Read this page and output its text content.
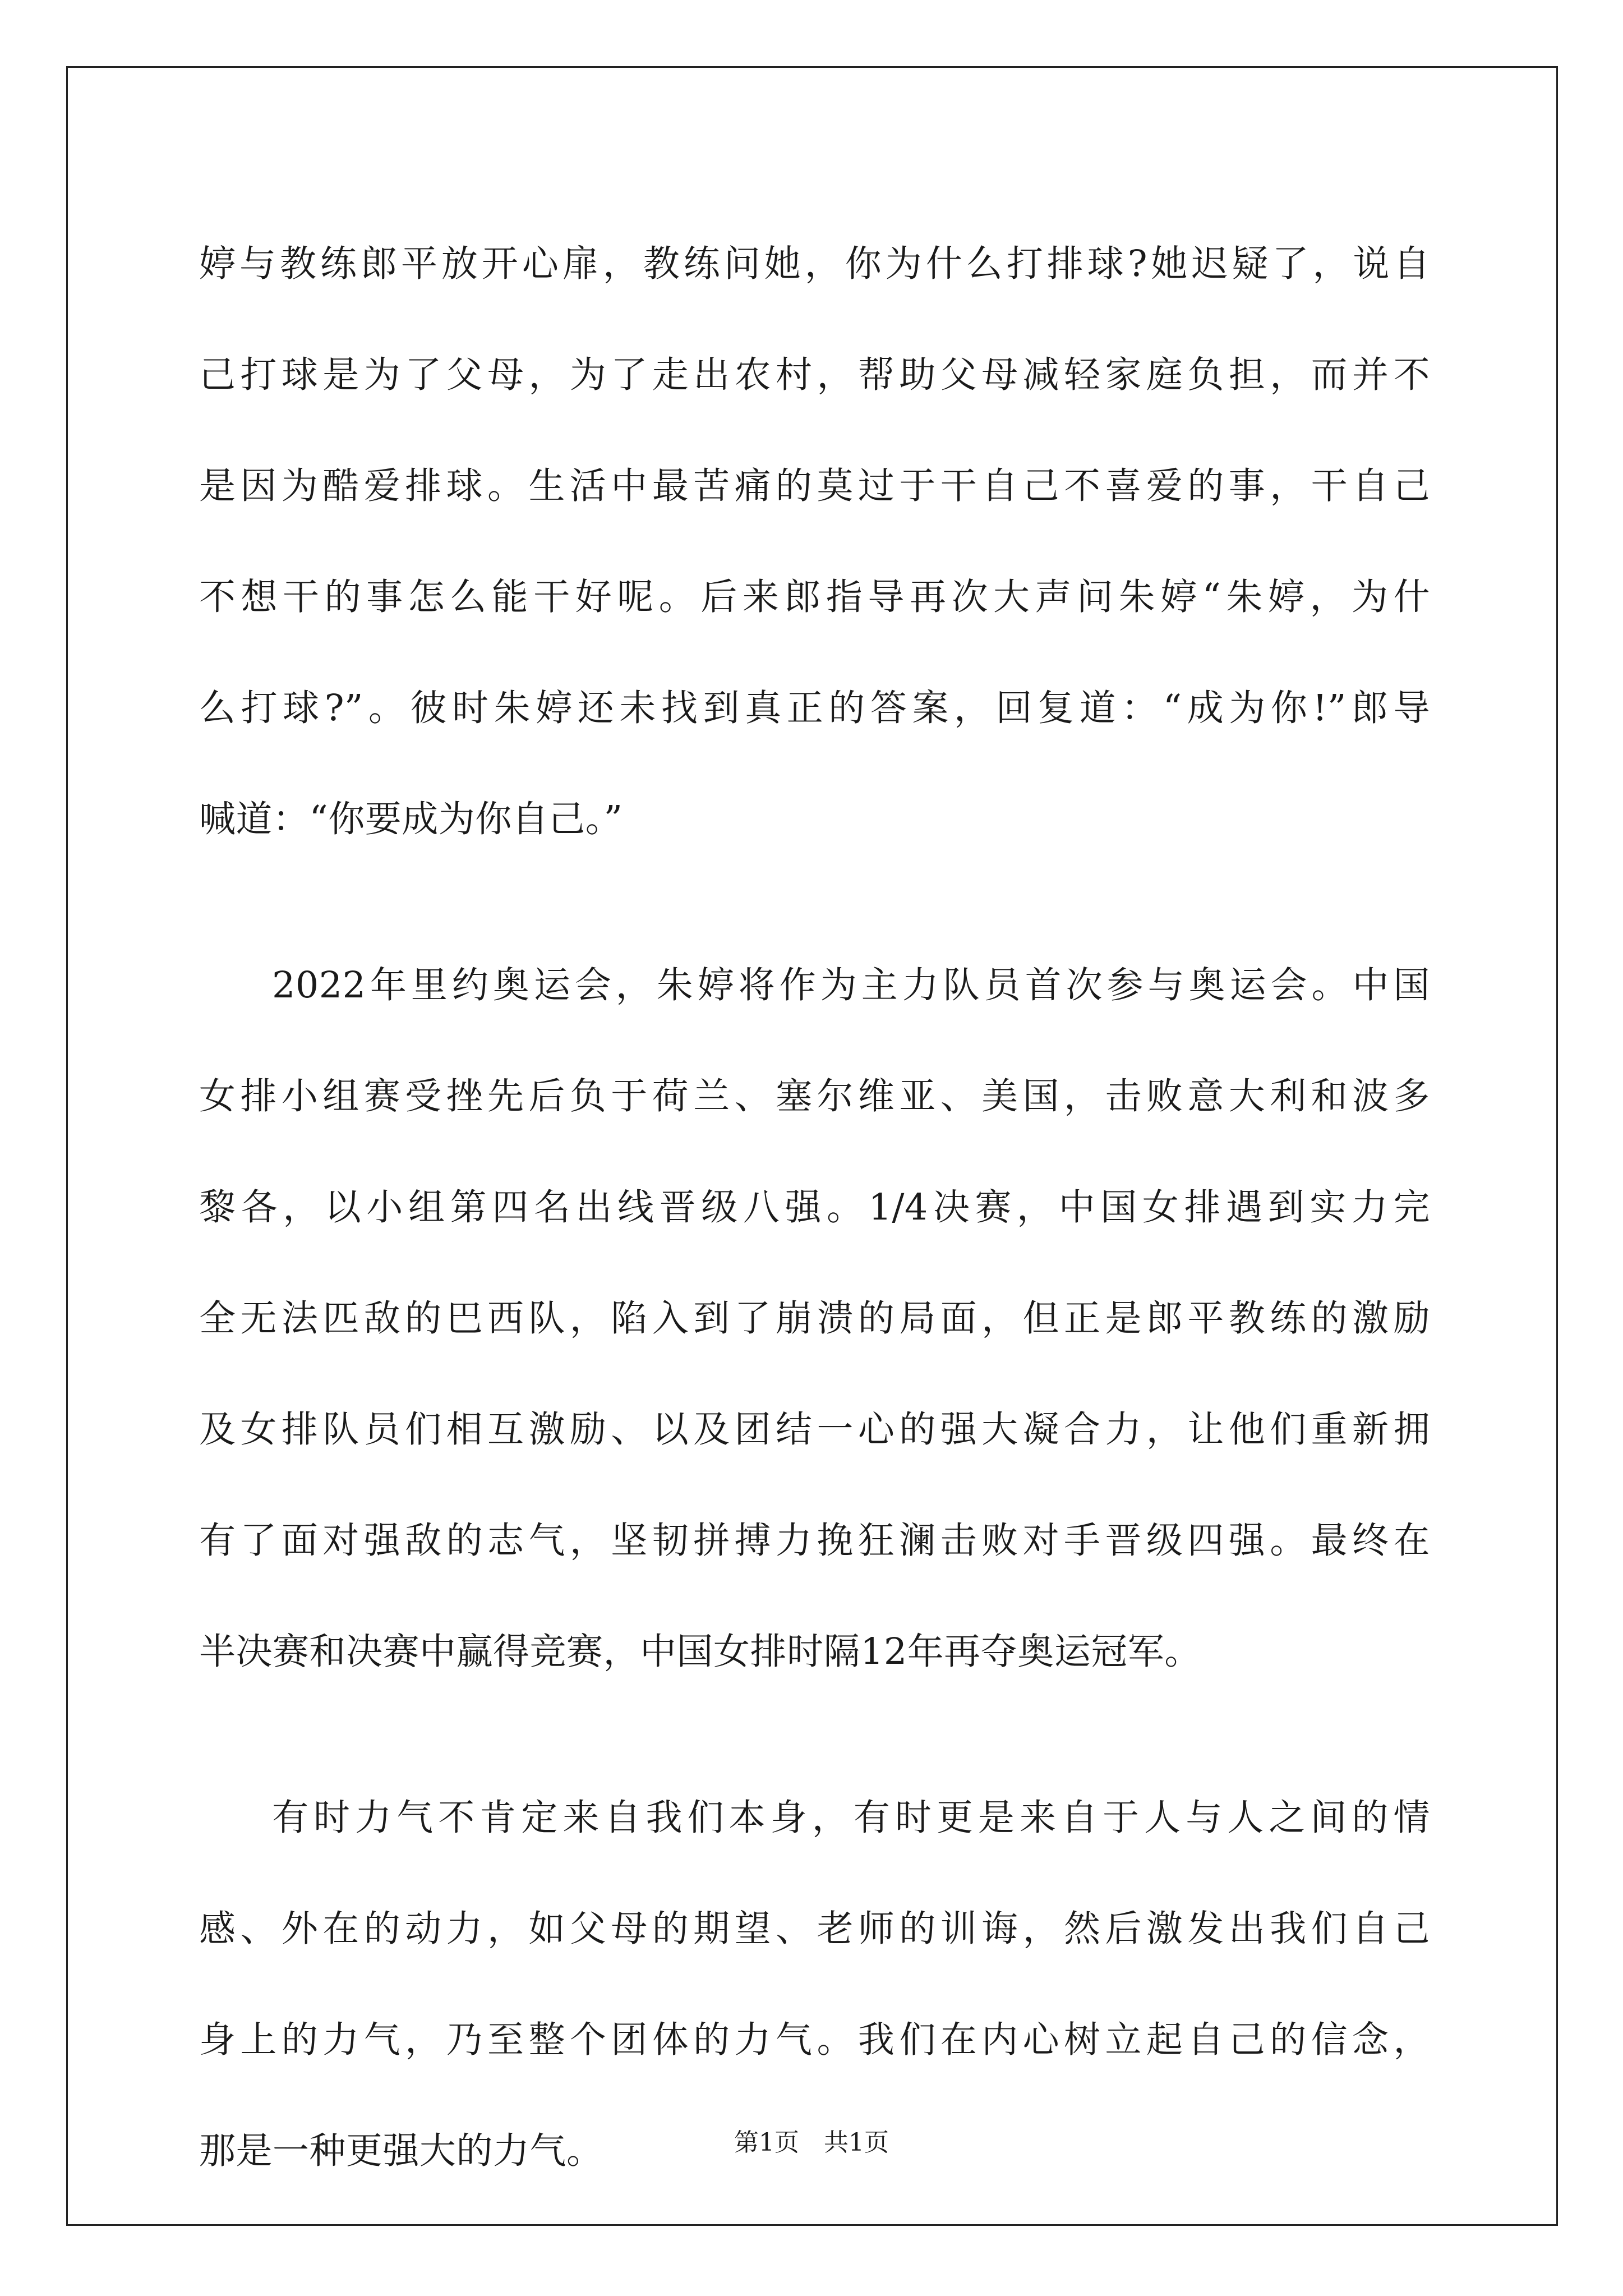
婷与教练郎平放开心扉，教练问她，你为什么打排球?她迟疑了，说自
己打球是为了父母，为了走出农村，帮助父母减轻家庭负担，而并不
是因为酷爱排球。生活中最苦痛的莫过于干自己不喜爱的事，干自己
不想干的事怎么能干好呢。后来郎指导再次大声问朱婷“朱婷，为什
么打球?”。彼时朱婷还未找到真正的答案，回复道：“成为你!”郎导
喊道：“你要成为你自己。”
2022年里约奥运会，朱婷将作为主力队员首次参与奥运会。中国
女排小组赛受挫先后负于荷兰、塞尔维亚、美国，击败意大利和波多
黎各，以小组第四名出线晋级八强。1/4决赛，中国女排遇到实力完
全无法匹敌的巴西队，陷入到了崩溃的局面，但正是郎平教练的激励
及女排队员们相互激励、以及团结一心的强大凝合力，让他们重新拥
有了面对强敌的志气，坚韧拼搏力挽狂澜击败对手晋级四强。最终在
半决赛和决赛中赢得竞赛，中国女排时隔12年再夺奥运冠军。
有时力气不肯定来自我们本身，有时更是来自于人与人之间的情
感、外在的动力，如父母的期望、老师的训诲，然后激发出我们自己
身上的力气，乃至整个团体的力气。我们在内心树立起自己的信念，
那是一种更强大的力气。	第1页　共1页
